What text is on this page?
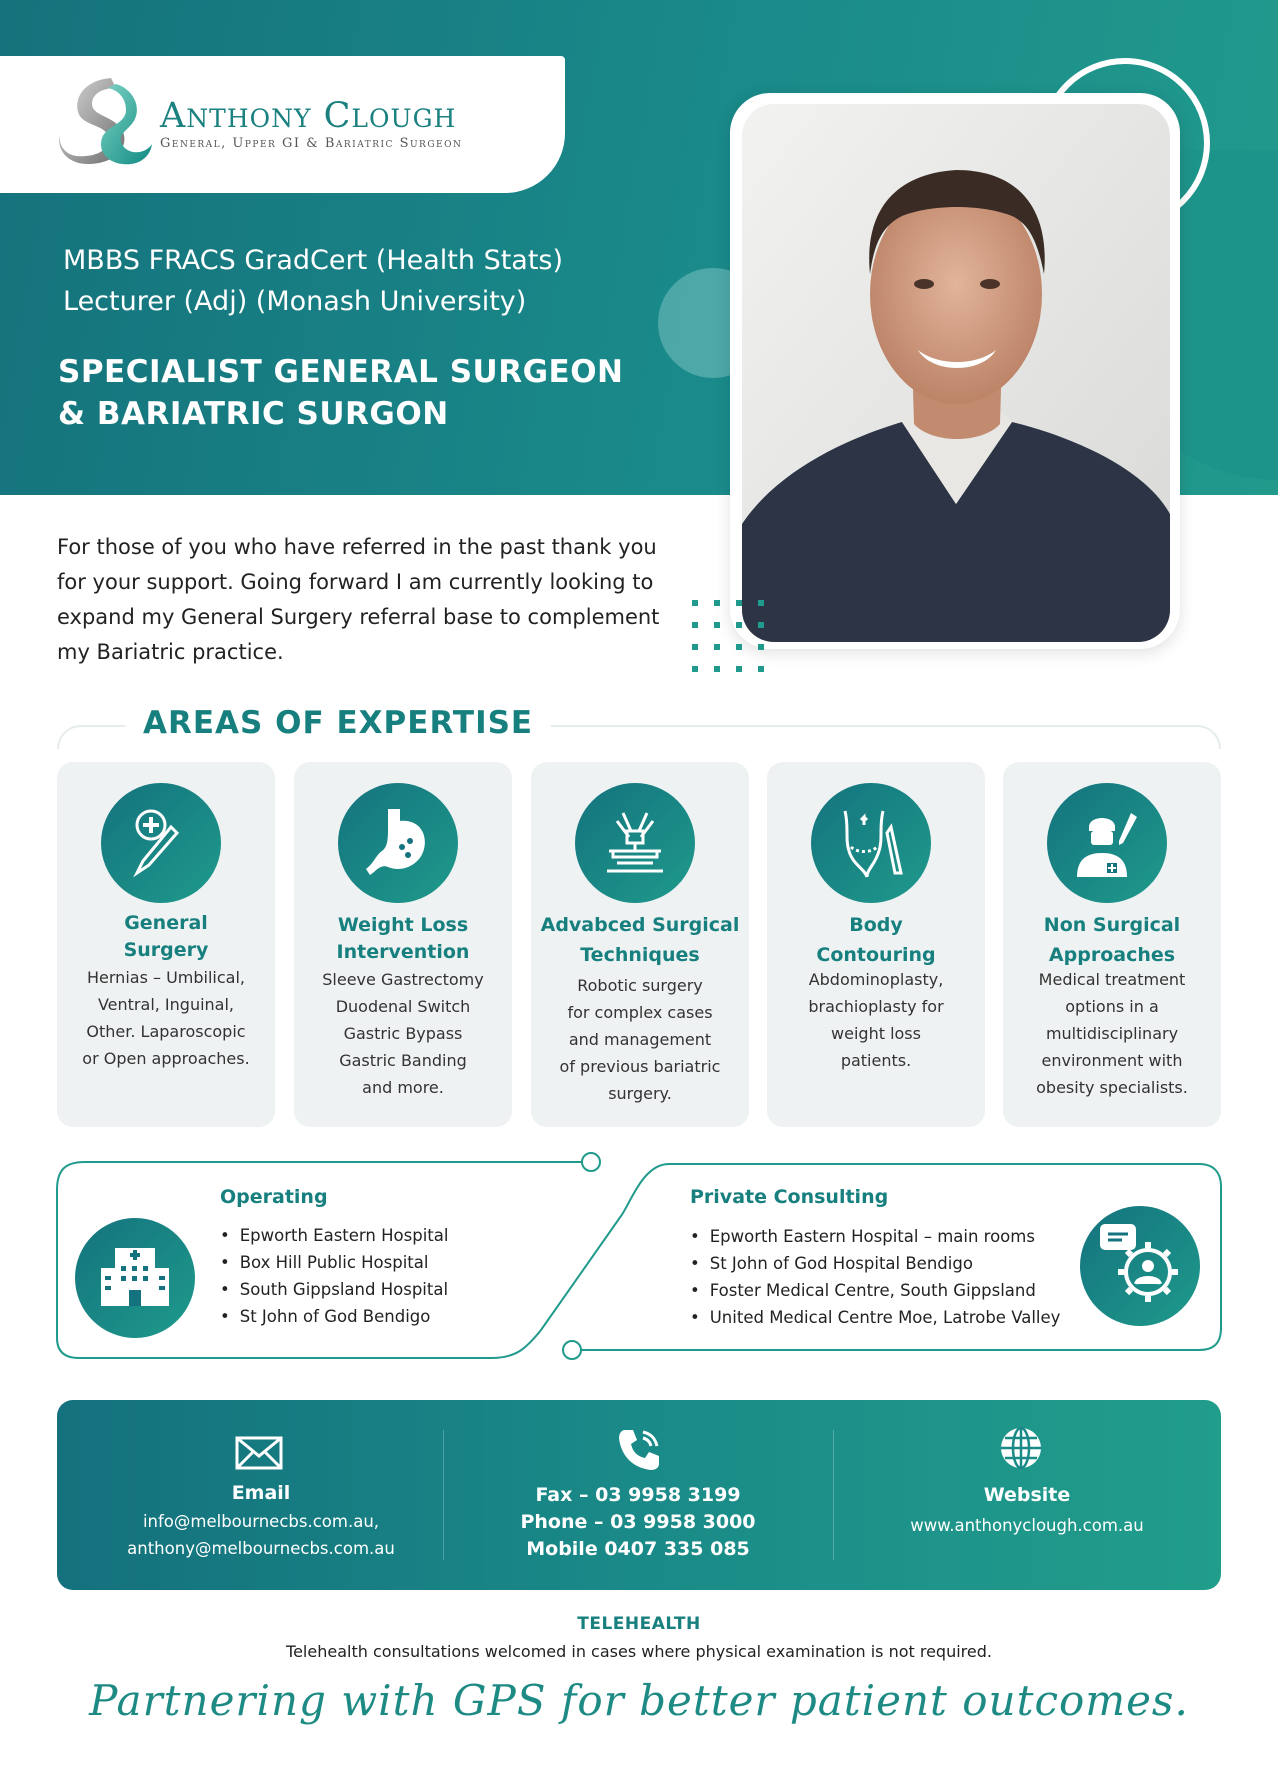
Anthony Clough
General, Upper GI & Bariatric Surgeon
MBBS FRACS GradCert (Health Stats)
Lecturer (Adj) (Monash University)
SPECIALIST GENERAL SURGEON
& BARIATRIC SURGON
For those of you who have referred in the past thank you for your support. Going forward I am currently looking to expand my General Surgery referral base to complement my Bariatric practice.
AREAS OF EXPERTISE
General
Surgery
Hernias – Umbilical,
Ventral, Inguinal,
Other. Laparoscopic
or Open approaches.
Weight Loss
Intervention
Sleeve Gastrectomy
Duodenal Switch
Gastric Bypass
Gastric Banding
and more.
Advabced Surgical
Techniques
Robotic surgery
for complex cases
and management
of previous bariatric
surgery.
Body
Contouring
Abdominoplasty,
brachioplasty for
weight loss
patients.
Non Surgical
Approaches
Medical treatment
options in a
multidisciplinary
environment with
obesity specialists.
Operating
• Epworth Eastern Hospital
• Box Hill Public Hospital
• South Gippsland Hospital
• St John of God Bendigo
Private Consulting
• Epworth Eastern Hospital – main rooms
• St John of God Hospital Bendigo
• Foster Medical Centre, South Gippsland
• United Medical Centre Moe, Latrobe Valley
Email
info@melbournecbs.com.au,
anthony@melbournecbs.com.au
Fax – 03 9958 3199
Phone – 03 9958 3000
Mobile 0407 335 085
Website
www.anthonyclough.com.au
TELEHEALTH
Telehealth consultations welcomed in cases where physical examination is not required.
Partnering with GPS for better patient outcomes.
